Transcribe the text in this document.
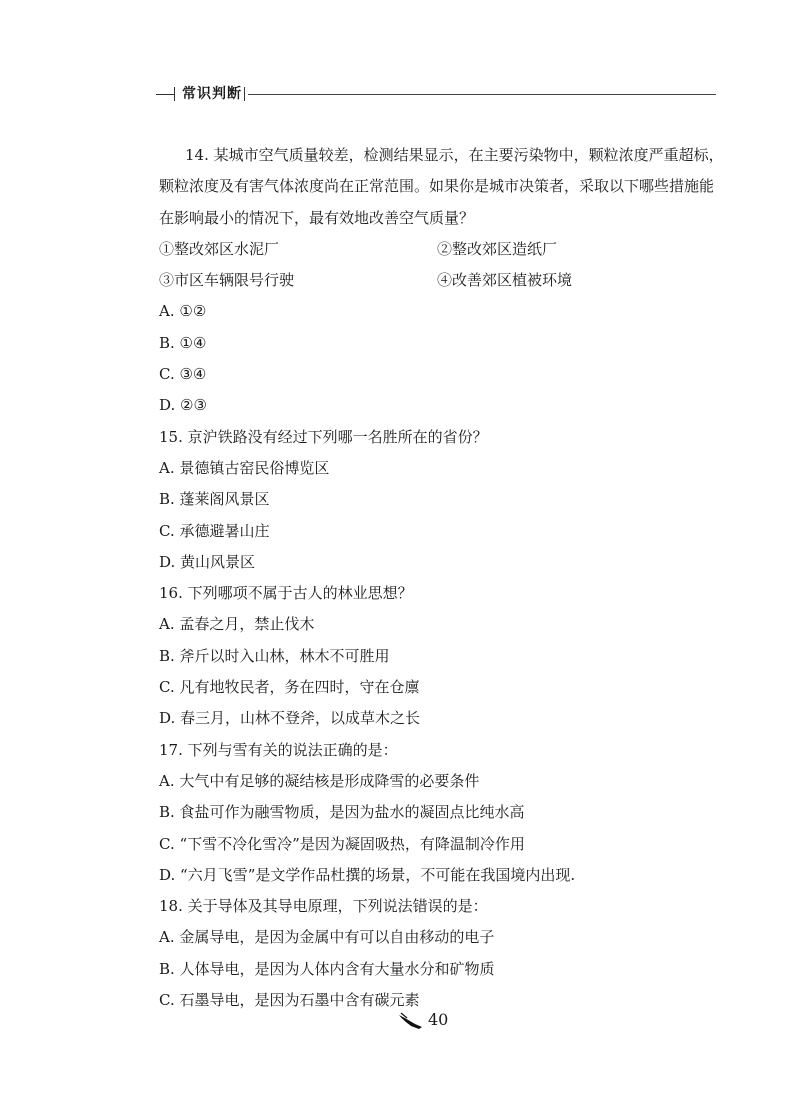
常识判断
14. 某城市空气质量较差，检测结果显示，在主要污染物中，颗粒浓度严重超标，
颗粒浓度及有害气体浓度尚在正常范围。如果你是城市决策者，采取以下哪些措施能
在影响最小的情况下，最有效地改善空气质量？
①整改郊区水泥厂	②整改郊区造纸厂
③市区车辆限号行驶	④改善郊区植被环境
A. ①②
B. ①④
C. ③④
D. ②③
15. 京沪铁路没有经过下列哪一名胜所在的省份？
A. 景德镇古窑民俗博览区
B. 蓬莱阁风景区
C. 承德避暑山庄
D. 黄山风景区
16. 下列哪项不属于古人的林业思想？
A. 孟春之月，禁止伐木
B. 斧斤以时入山林，林木不可胜用
C. 凡有地牧民者，务在四时，守在仓廪
D. 春三月，山林不登斧，以成草木之长
17. 下列与雪有关的说法正确的是：
A. 大气中有足够的凝结核是形成降雪的必要条件
B. 食盐可作为融雪物质，是因为盐水的凝固点比纯水高
C. “下雪不冷化雪冷”是因为凝固吸热，有降温制冷作用
D. “六月飞雪”是文学作品杜撰的场景，不可能在我国境内出现.
18. 关于导体及其导电原理，下列说法错误的是：
A. 金属导电，是因为金属中有可以自由移动的电子
B. 人体导电，是因为人体内含有大量水分和矿物质
C. 石墨导电，是因为石墨中含有碳元素
40
